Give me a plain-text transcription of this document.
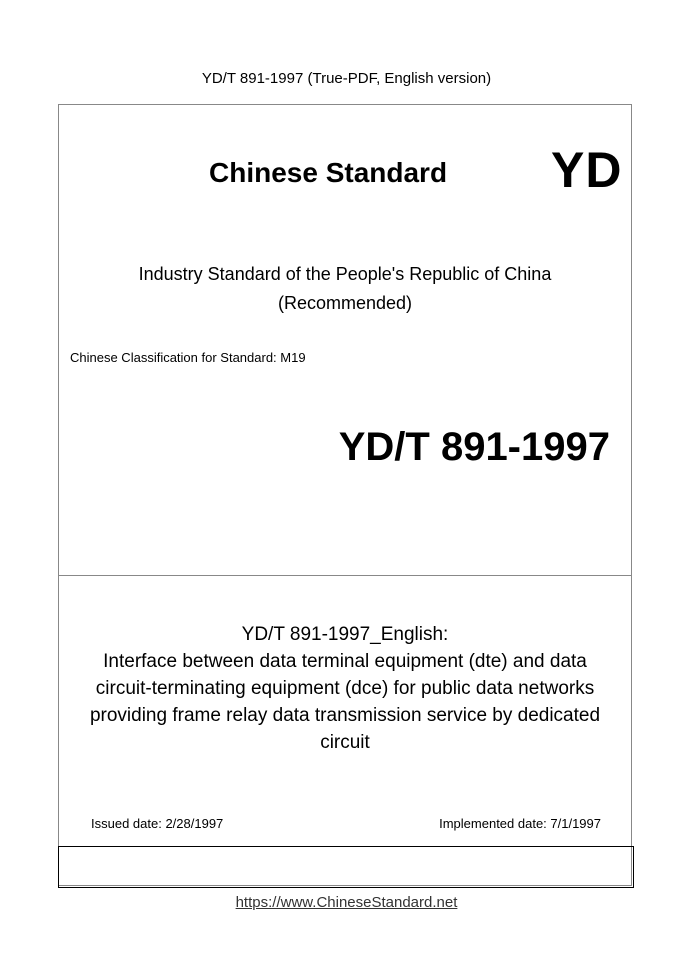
YD/T 891-1997 (True-PDF, English version)
Chinese Standard YD
Industry Standard of the People's Republic of China
(Recommended)
Chinese Classification for Standard: M19
YD/T 891-1997
YD/T 891-1997_English:
Interface between data terminal equipment (dte) and data
circuit-terminating equipment (dce) for public data networks
providing frame relay data transmission service by dedicated
circuit
Issued date: 2/28/1997	Implemented date: 7/1/1997
https://www.ChineseStandard.net
